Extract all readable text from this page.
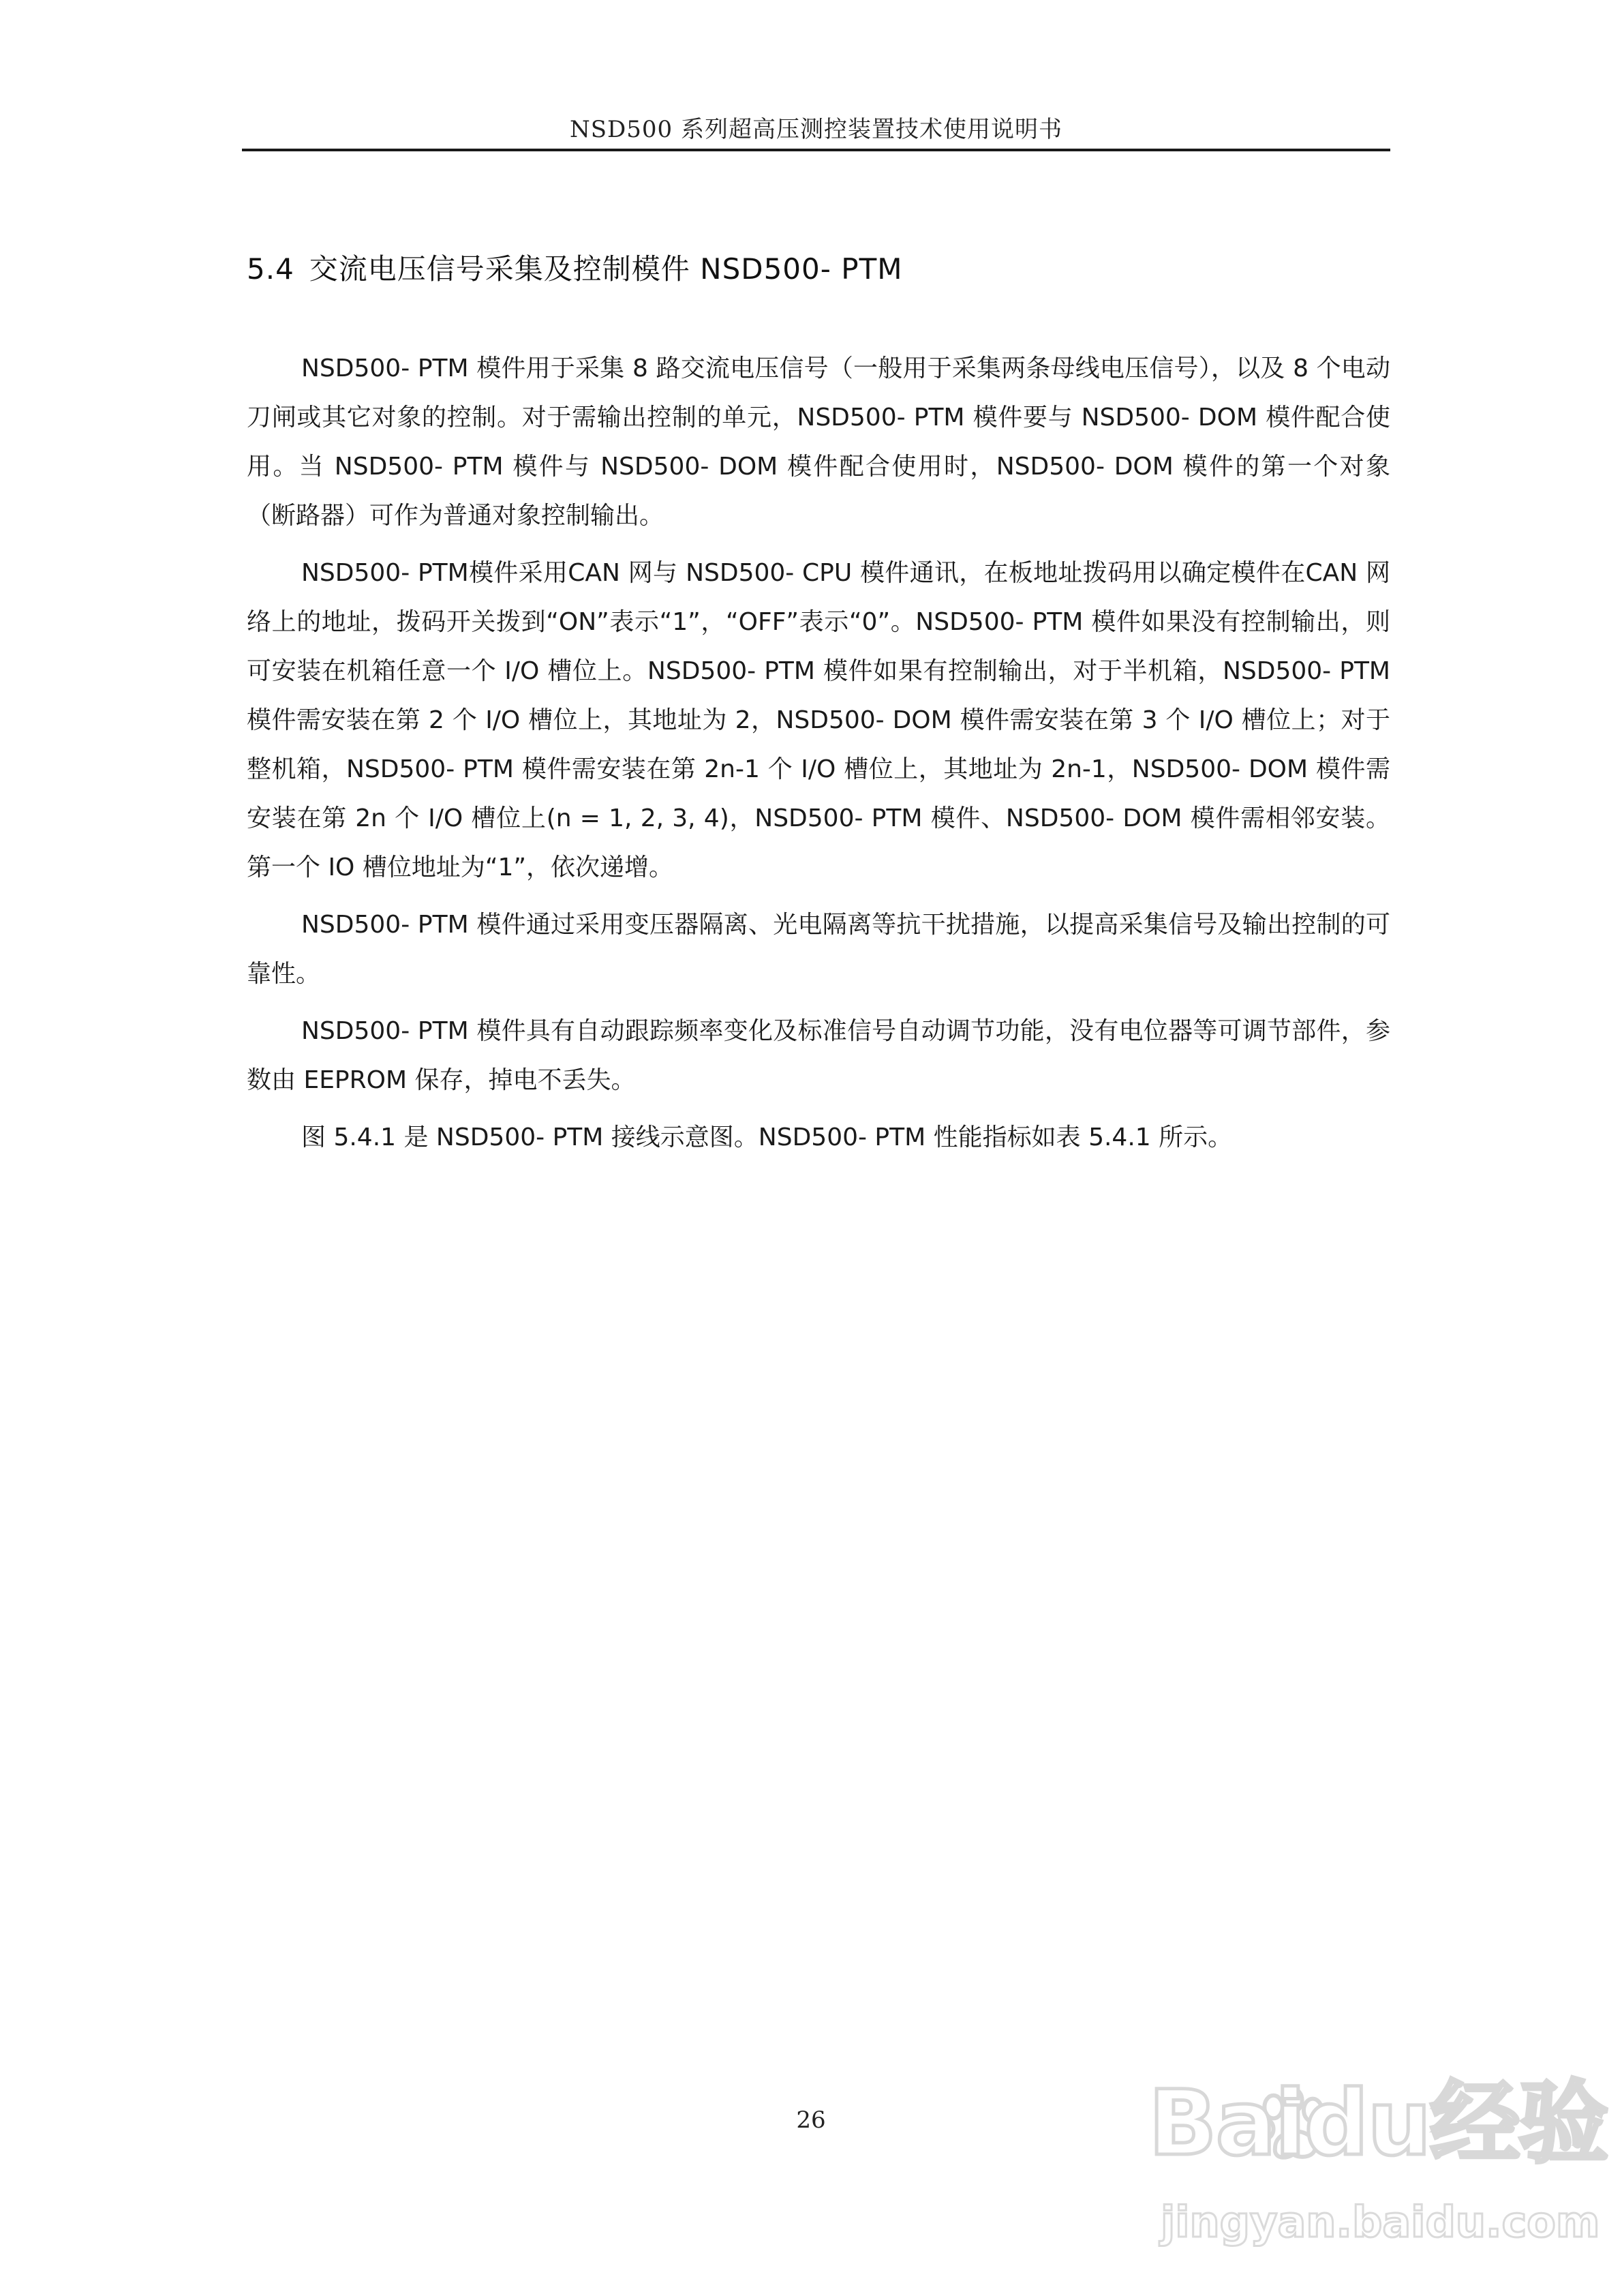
NSD500 系列超高压测控装置技术使用说明书
5.4 交流电压信号采集及控制模件 NSD500- PTM

NSD500- PTM 模件用于采集 8 路交流电压信号（一般用于采集两条母线电压信号），以及 8 个电动刀闸或其它对象的控制。对于需输出控制的单元，NSD500- PTM 模件要与 NSD500- DOM 模件配合使用。当 NSD500- PTM 模件与 NSD500- DOM 模件配合使用时，NSD500- DOM 模件的第一个对象（断路器）可作为普通对象控制输出。

NSD500- PTM模件采用CAN 网与 NSD500- CPU 模件通讯，在板地址拨码用以确定模件在CAN 网络上的地址，拨码开关拨到“ON”表示“1”，“OFF”表示“0”。NSD500- PTM 模件如果没有控制输出，则可安装在机箱任意一个 I/O 槽位上。NSD500- PTM 模件如果有控制输出，对于半机箱，NSD500- PTM 模件需安装在第 2 个 I/O 槽位上，其地址为 2，NSD500- DOM 模件需安装在第 3 个 I/O 槽位上；对于整机箱，NSD500- PTM 模件需安装在第 2n-1 个 I/O 槽位上，其地址为 2n-1，NSD500- DOM 模件需安装在第 2n 个 I/O 槽位上(n = 1, 2, 3, 4)，NSD500- PTM 模件、NSD500- DOM 模件需相邻安装。第一个 IO 槽位地址为“1”，依次递增。

NSD500- PTM 模件通过采用变压器隔离、光电隔离等抗干扰措施，以提高采集信号及输出控制的可靠性。

NSD500- PTM 模件具有自动跟踪频率变化及标准信号自动调节功能，没有电位器等可调节部件，参数由 EEPROM 保存，掉电不丢失。

图 5.4.1 是 NSD500- PTM 接线示意图。NSD500- PTM 性能指标如表 5.4.1 所示。

26	Baidu经验
jingyan.baidu.com
